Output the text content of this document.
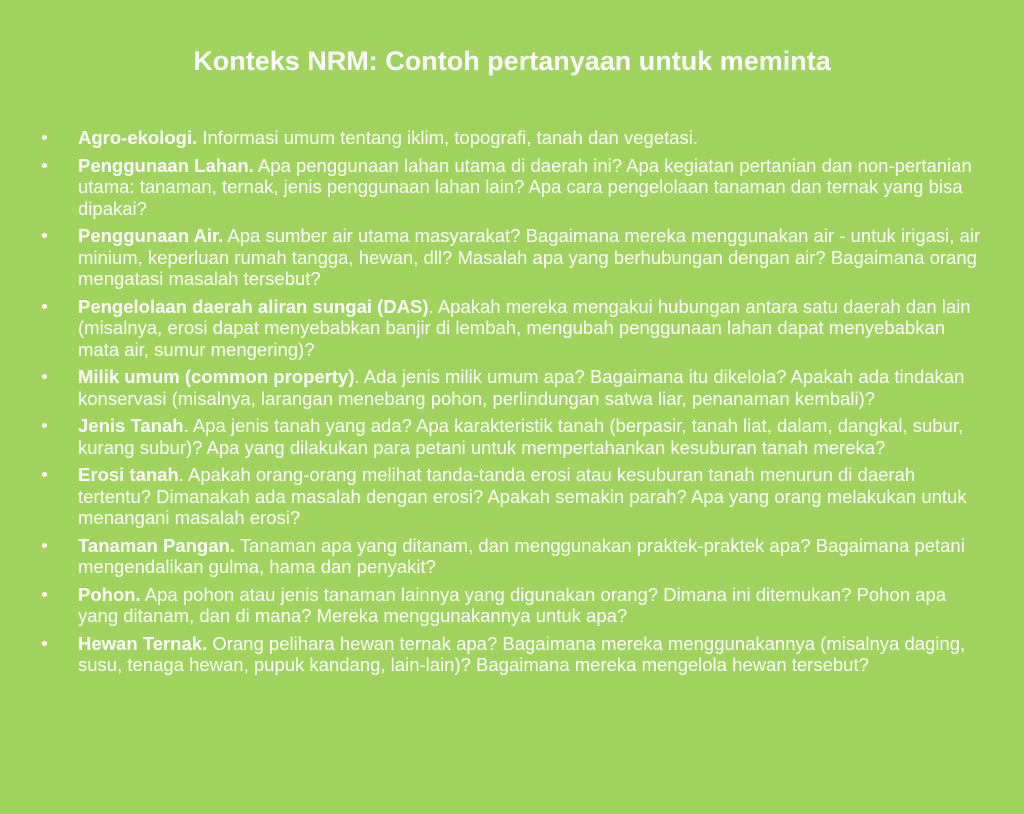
Konteks NRM: Contoh pertanyaan untuk meminta
Agro-ekologi. Informasi umum tentang iklim, topografi, tanah dan vegetasi.
Penggunaan Lahan. Apa penggunaan lahan utama di daerah ini? Apa kegiatan pertanian dan non-pertanian utama: tanaman, ternak, jenis penggunaan lahan lain? Apa cara pengelolaan tanaman dan ternak yang bisa dipakai?
Penggunaan Air. Apa sumber air utama masyarakat? Bagaimana mereka menggunakan air - untuk irigasi, air minium, keperluan rumah tangga, hewan, dll? Masalah apa yang berhubungan dengan air? Bagaimana orang mengatasi masalah tersebut?
Pengelolaan daerah aliran sungai (DAS). Apakah mereka mengakui hubungan antara satu daerah dan lain (misalnya, erosi dapat menyebabkan banjir di lembah, mengubah penggunaan lahan dapat menyebabkan mata air, sumur mengering)?
Milik umum (common property). Ada jenis milik umum apa? Bagaimana itu dikelola? Apakah ada tindakan konservasi (misalnya, larangan menebang pohon, perlindungan satwa liar, penanaman kembali)?
Jenis Tanah. Apa jenis tanah yang ada? Apa karakteristik tanah (berpasir, tanah liat, dalam, dangkal, subur, kurang subur)? Apa yang dilakukan para petani untuk mempertahankan kesuburan tanah mereka?
Erosi tanah. Apakah orang-orang melihat tanda-tanda erosi atau kesuburan tanah menurun di daerah tertentu? Dimanakah ada masalah dengan erosi? Apakah semakin parah? Apa yang orang melakukan untuk menangani masalah erosi?
Tanaman Pangan. Tanaman apa yang ditanam, dan menggunakan praktek-praktek apa? Bagaimana petani mengendalikan gulma, hama dan penyakit?
Pohon. Apa pohon atau jenis tanaman lainnya yang digunakan orang? Dimana ini ditemukan? Pohon apa yang ditanam, dan di mana? Mereka menggunakannya untuk apa?
Hewan Ternak. Orang pelihara hewan ternak apa? Bagaimana mereka menggunakannya (misalnya daging, susu, tenaga hewan, pupuk kandang, lain-lain)? Bagaimana mereka mengelola hewan tersebut?
